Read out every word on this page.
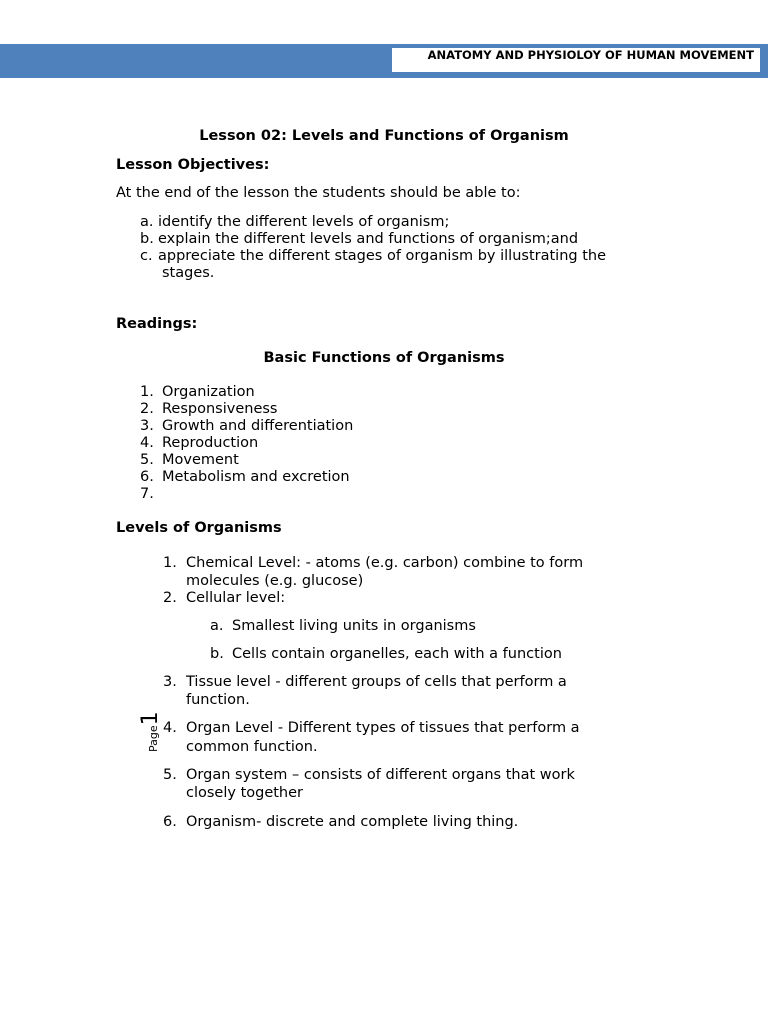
ANATOMY AND PHYSIOLOY OF HUMAN MOVEMENT
Lesson 02: Levels and Functions of Organism
Lesson Objectives:
At the end of the lesson the students should be able to:
a. identify the different levels of organism;
b. explain the different levels and functions of organism;and
c. appreciate the different stages of organism by illustrating the
stages.
Readings:
Basic Functions of Organisms
1. Organization
2. Responsiveness
3. Growth and differentiation
4. Reproduction
5. Movement
6. Metabolism and excretion
7.
Levels of Organisms
1. Chemical Level: - atoms (e.g. carbon) combine to form
molecules (e.g. glucose)
2. Cellular level:
a. Smallest living units in organisms
b. Cells contain organelles, each with a function
3. Tissue level - different groups of cells that perform a
function.
4. Organ Level - Different types of tissues that perform a
common function.
5. Organ system – consists of different organs that work
closely together
6. Organism- discrete and complete living thing.
Page1
